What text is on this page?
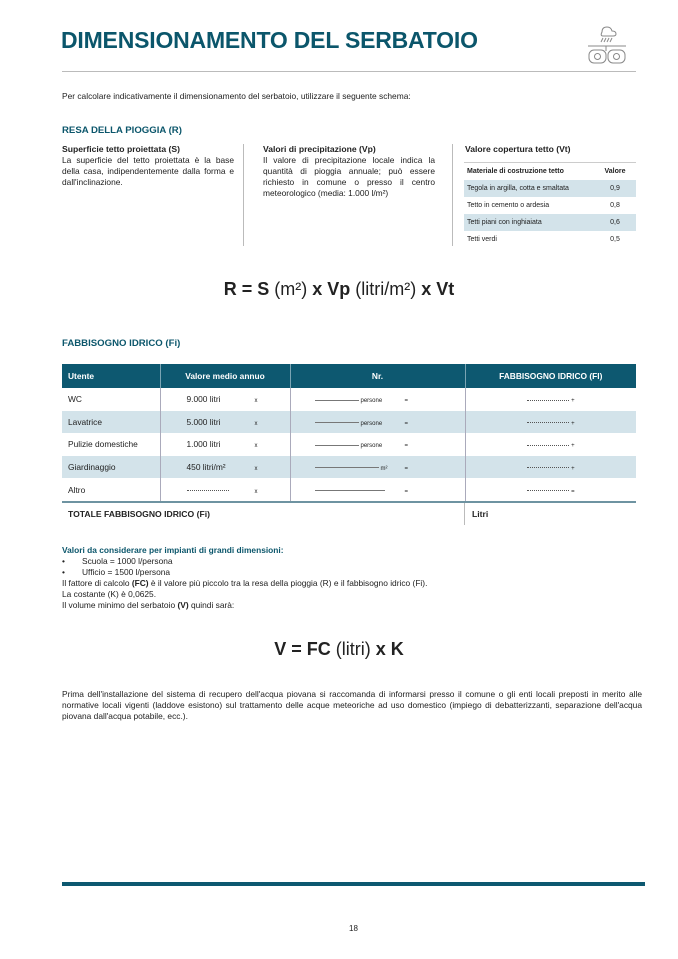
DIMENSIONAMENTO DEL SERBATOIO
Per calcolare indicativamente il dimensionamento del serbatoio, utilizzare il seguente schema:
RESA DELLA PIOGGIA (R)
Superficie tetto proiettata (S)
La superficie del tetto proiettata è la base della casa, indipendentemente dalla forma e dall'inclinazione.
Valori di precipitazione (Vp)
Il valore di precipitazione locale indica la quantità di pioggia annuale; può essere richiesto in comune o presso il centro meteorologico (media: 1.000 l/m²)
Valore copertura tetto (Vt)
Materiale di costruzione tetto	Valore
Tegola in argilla, cotta e smaltata	0,9
Tetto in cemento o ardesia	0,8
Tetti piani con inghiaiata	0,6
Tetti verdi	0,5
R = S (m²) x Vp (litri/m²) x Vt
FABBISOGNO IDRICO (Fi)
Utente	Valore medio annuo	Nr.	FABBISOGNO IDRICO (FI)
WC	9.000 litri x	persone =	+
Lavatrice	5.000 litri x	persone =	+
Pulizie domestiche	1.000 litri x	persone =	+
Giardinaggio	450 litri/m² x	m² =	+
Altro	x	=	=
TOTALE FABBISOGNO IDRICO (Fi)	Litri
Valori da considerare per impianti di grandi dimensioni:
• Scuola = 1000 l/persona
• Ufficio = 1500 l/persona
Il fattore di calcolo (FC) è il valore più piccolo tra la resa della pioggia (R) e il fabbisogno idrico (Fi).
La costante (K) è 0,0625.
Il volume minimo del serbatoio (V) quindi sarà:
V = FC (litri) x K
Prima dell'installazione del sistema di recupero dell'acqua piovana si raccomanda di informarsi presso il comune o gli enti locali preposti in merito alle normative locali vigenti (laddove esistono) sul trattamento delle acque meteoriche ad uso domestico (impiego di debatterizzanti, separazione dell'acqua piovana dall'acqua potabile, ecc.).
18
